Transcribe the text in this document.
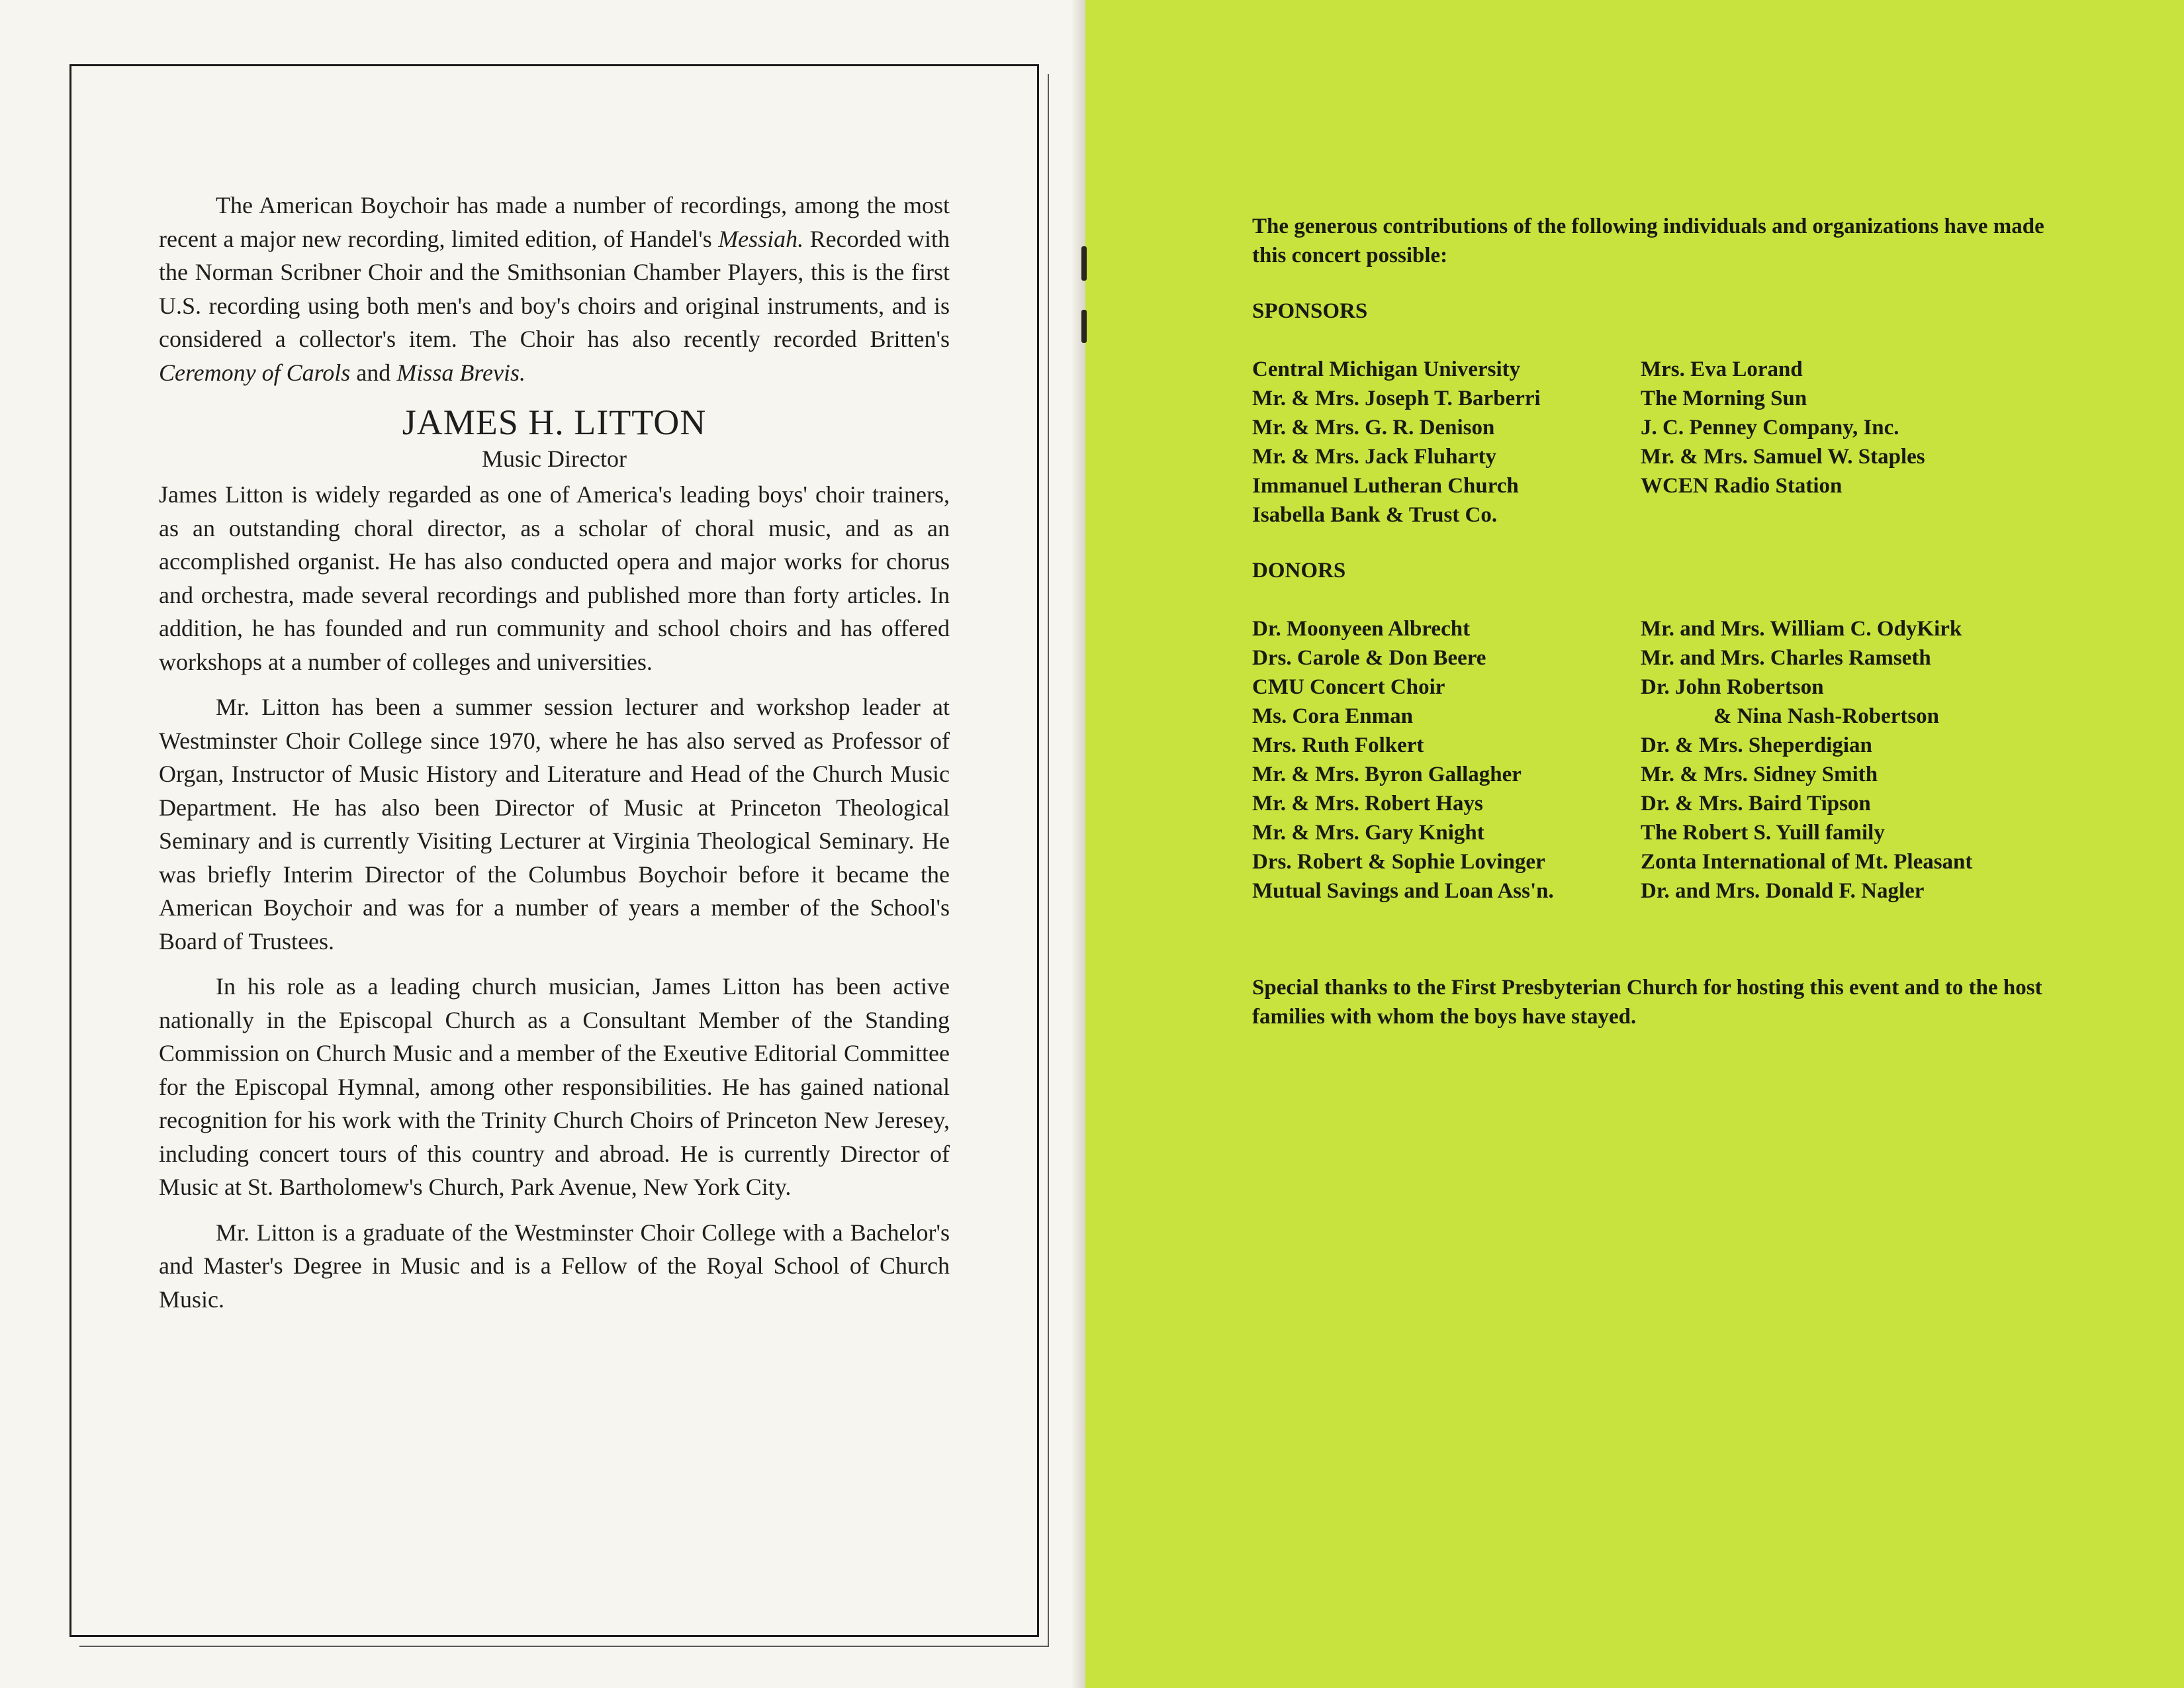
The American Boychoir has made a number of recordings, among the most recent a major new recording, limited edition, of Handel's Messiah. Recorded with the Norman Scribner Choir and the Smithsonian Chamber Players, this is the first U.S. recording using both men's and boy's choirs and original instruments, and is considered a collector's item. The Choir has also recently recorded Britten's Ceremony of Carols and Missa Brevis.

JAMES H. LITTON
Music Director

James Litton is widely regarded as one of America's leading boys' choir trainers, as an outstanding choral director, as a scholar of choral music, and as an accomplished organist. He has also conducted opera and major works for chorus and orchestra, made several recordings and published more than forty articles. In addition, he has founded and run community and school choirs and has offered workshops at a number of colleges and universities.

Mr. Litton has been a summer session lecturer and workshop leader at Westminster Choir College since 1970, where he has also served as Professor of Organ, Instructor of Music History and Literature and Head of the Church Music Department. He has also been Director of Music at Princeton Theological Seminary and is currently Visiting Lecturer at Virginia Theological Seminary. He was briefly Interim Director of the Columbus Boychoir before it became the American Boychoir and was for a number of years a member of the School's Board of Trustees.

In his role as a leading church musician, James Litton has been active nationally in the Episcopal Church as a Consultant Member of the Standing Commission on Church Music and a member of the Exeutive Editorial Committee for the Episcopal Hymnal, among other responsibilities. He has gained national recognition for his work with the Trinity Church Choirs of Princeton New Jeresey, including concert tours of this country and abroad. He is currently Director of Music at St. Bartholomew's Church, Park Avenue, New York City.

Mr. Litton is a graduate of the Westminster Choir College with a Bachelor's and Master's Degree in Music and is a Fellow of the Royal School of Church Music.

The generous contributions of the following individuals and organizations have made this concert possible:
SPONSORS
Central Michigan University
Mr. & Mrs. Joseph T. Barberri
Mr. & Mrs. G. R. Denison
Mr. & Mrs. Jack Fluharty
Immanuel Lutheran Church
Isabella Bank & Trust Co.
Mrs. Eva Lorand
The Morning Sun
J. C. Penney Company, Inc.
Mr. & Mrs. Samuel W. Staples
WCEN Radio Station
DONORS
Dr. Moonyeen Albrecht
Drs. Carole & Don Beere
CMU Concert Choir
Ms. Cora Enman
Mrs. Ruth Folkert
Mr. & Mrs. Byron Gallagher
Mr. & Mrs. Robert Hays
Mr. & Mrs. Gary Knight
Drs. Robert & Sophie Lovinger
Mutual Savings and Loan Ass'n.
Mr. and Mrs. William C. OdyKirk
Mr. and Mrs. Charles Ramseth
Dr. John Robertson
& Nina Nash-Robertson
Dr. & Mrs. Sheperdigian
Mr. & Mrs. Sidney Smith
Dr. & Mrs. Baird Tipson
The Robert S. Yuill family
Zonta International of Mt. Pleasant
Dr. and Mrs. Donald F. Nagler
Special thanks to the First Presbyterian Church for hosting this event and to the host families with whom the boys have stayed.
